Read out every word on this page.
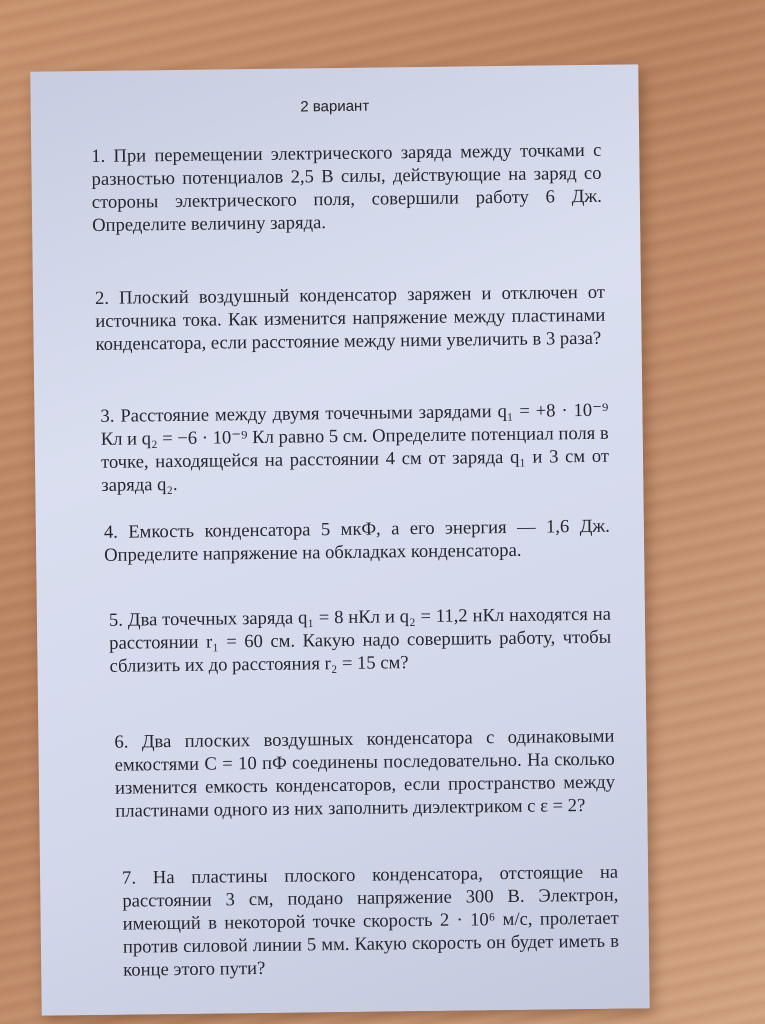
2 вариант

1. При перемещении электрического заряда между точками с разностью потенциалов 2,5 В силы, действующие на заряд со стороны электрического поля, совершили работу 6 Дж. Определите величину заряда.

2. Плоский воздушный конденсатор заряжен и отключен от источника тока. Как изменится напряжение между пластинами конденсатора, если расстояние между ними увеличить в 3 раза?

3. Расстояние между двумя точечными зарядами q₁ = +8 · 10⁻⁹ Кл и q₂ = −6 · 10⁻⁹ Кл равно 5 см. Определите потенциал поля в точке, находящейся на расстоянии 4 см от заряда q₁ и 3 см от заряда q₂.

4. Емкость конденсатора 5 мкФ, а его энергия — 1,6 Дж. Определите напряжение на обкладках конденсатора.

5. Два точечных заряда q₁ = 8 нКл и q₂ = 11,2 нКл находятся на расстоянии r₁ = 60 см. Какую надо совершить работу, чтобы сблизить их до расстояния r₂ = 15 см?

6. Два плоских воздушных конденсатора с одинаковыми емкостями C = 10 пФ соединены последовательно. На сколько изменится емкость конденсаторов, если пространство между пластинами одного из них заполнить диэлектриком с ε = 2?

7. На пластины плоского конденсатора, отстоящие на расстоянии 3 см, подано напряжение 300 В. Электрон, имеющий в некоторой точке скорость 2 · 10⁶ м/с, пролетает против силовой линии 5 мм. Какую скорость он будет иметь в конце этого пути?
